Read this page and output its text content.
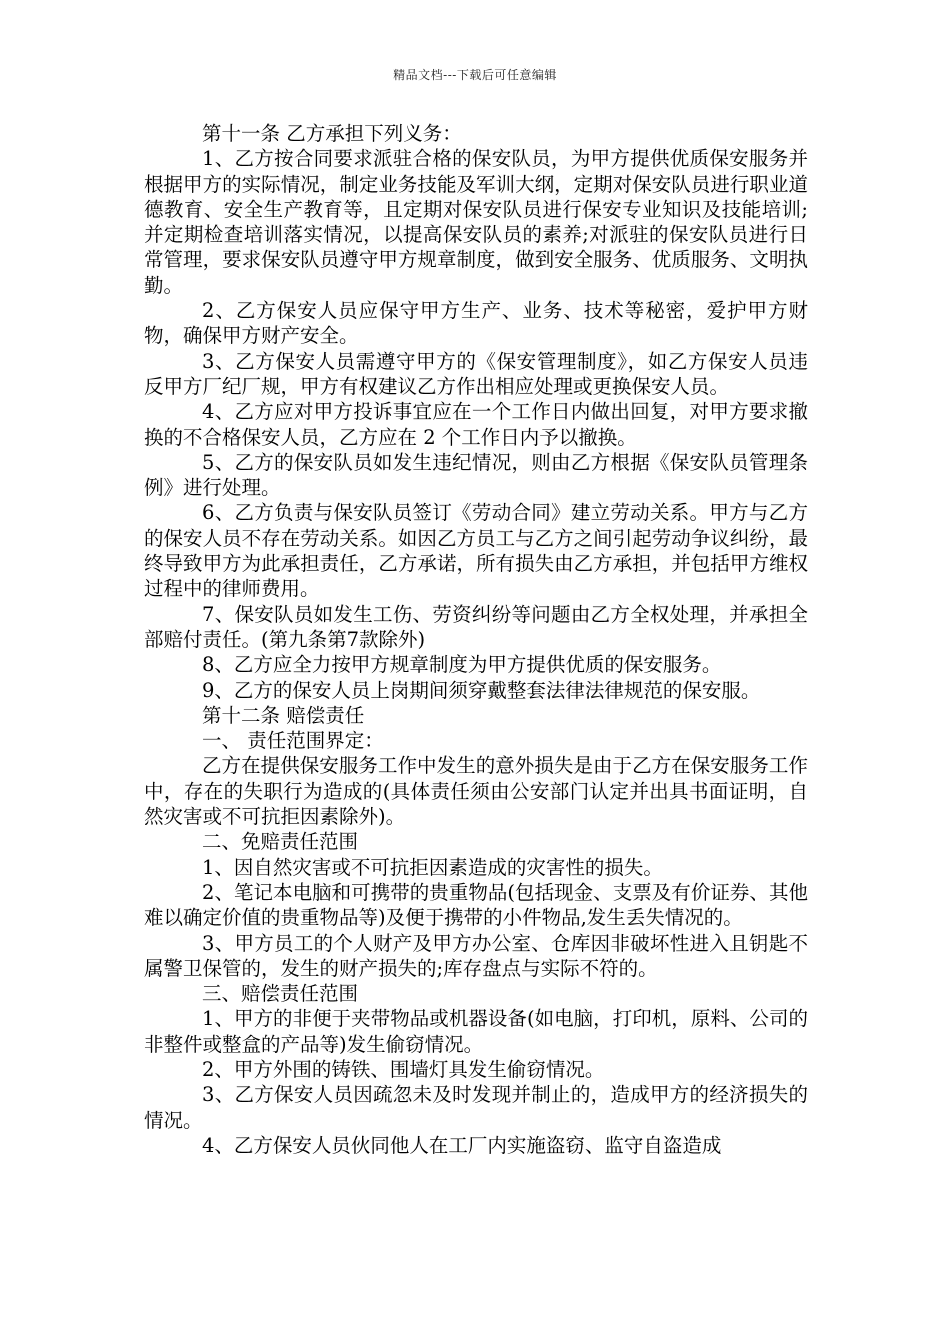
精品文档---下载后可任意编辑

第十一条 乙方承担下列义务：

1、乙方按合同要求派驻合格的保安队员，为甲方提供优质保安服务并根据甲方的实际情况，制定业务技能及军训大纲，定期对保安队员进行职业道德教育、安全生产教育等，且定期对保安队员进行保安专业知识及技能培训;并定期检查培训落实情况，以提高保安队员的素养;对派驻的保安队员进行日常管理，要求保安队员遵守甲方规章制度，做到安全服务、优质服务、文明执勤。

2、乙方保安人员应保守甲方生产、业务、技术等秘密，爱护甲方财物，确保甲方财产安全。

3、乙方保安人员需遵守甲方的《保安管理制度》，如乙方保安人员违反甲方厂纪厂规，甲方有权建议乙方作出相应处理或更换保安人员。

4、乙方应对甲方投诉事宜应在一个工作日内做出回复，对甲方要求撤换的不合格保安人员，乙方应在 2 个工作日内予以撤换。

5、乙方的保安队员如发生违纪情况，则由乙方根据《保安队员管理条例》进行处理。

6、乙方负责与保安队员签订《劳动合同》建立劳动关系。甲方与乙方的保安人员不存在劳动关系。如因乙方员工与乙方之间引起劳动争议纠纷，最终导致甲方为此承担责任，乙方承诺，所有损失由乙方承担，并包括甲方维权过程中的律师费用。

7、保安队员如发生工伤、劳资纠纷等问题由乙方全权处理，并承担全部赔付责任。(第九条第7款除外)

8、乙方应全力按甲方规章制度为甲方提供优质的保安服务。

9、乙方的保安人员上岗期间须穿戴整套法律法律规范的保安服。

第十二条 赔偿责任

一、 责任范围界定：

乙方在提供保安服务工作中发生的意外损失是由于乙方在保安服务工作中，存在的失职行为造成的(具体责任须由公安部门认定并出具书面证明，自然灾害或不可抗拒因素除外)。

二、免赔责任范围

1、因自然灾害或不可抗拒因素造成的灾害性的损失。

2、笔记本电脑和可携带的贵重物品(包括现金、支票及有价证券、其他难以确定价值的贵重物品等)及便于携带的小件物品,发生丢失情况的。

3、甲方员工的个人财产及甲方办公室、仓库因非破坏性进入且钥匙不属警卫保管的，发生的财产损失的;库存盘点与实际不符的。

三、赔偿责任范围

1、甲方的非便于夹带物品或机器设备(如电脑，打印机，原料、公司的非整件或整盒的产品等)发生偷窃情况。

2、甲方外围的铸铁、围墙灯具发生偷窃情况。

3、乙方保安人员因疏忽未及时发现并制止的，造成甲方的经济损失的情况。

4、乙方保安人员伙同他人在工厂内实施盗窃、监守自盗造成
